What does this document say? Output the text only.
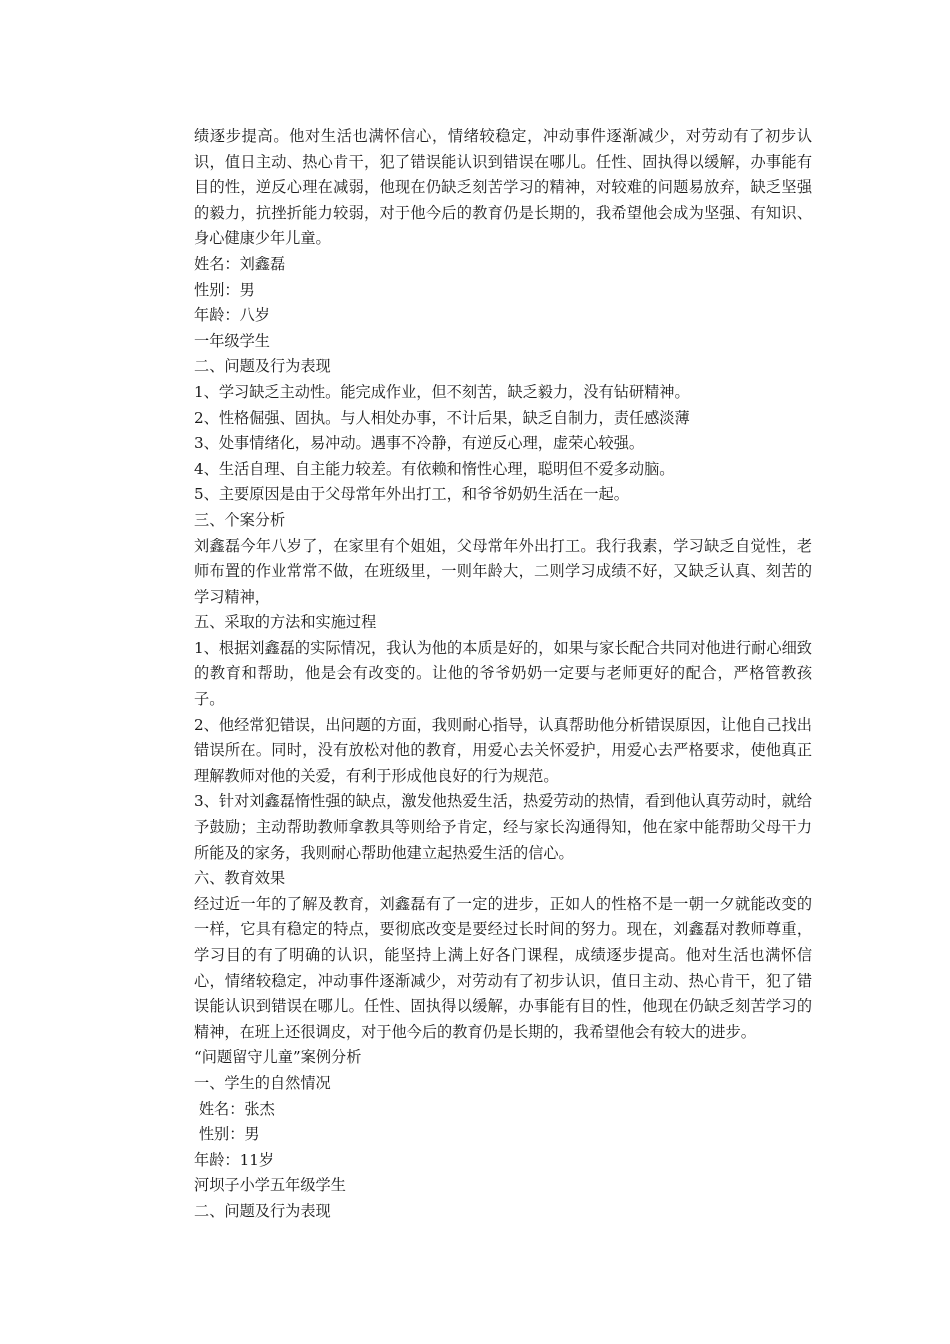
绩逐步提高。他对生活也满怀信心，情绪较稳定，冲动事件逐渐减少，对劳动有了初步认识，值日主动、热心肯干，犯了错误能认识到错误在哪儿。任性、固执得以缓解，办事能有目的性，逆反心理在减弱，他现在仍缺乏刻苦学习的精神，对较难的问题易放弃，缺乏坚强的毅力，抗挫折能力较弱，对于他今后的教育仍是长期的，我希望他会成为坚强、有知识、身心健康少年儿童。

姓名：刘鑫磊

性别：男

年龄：八岁

一年级学生

二、问题及行为表现

1、学习缺乏主动性。能完成作业，但不刻苦，缺乏毅力，没有钻研精神。

2、性格倔强、固执。与人相处办事，不计后果，缺乏自制力，责任感淡薄

3、处事情绪化，易冲动。遇事不冷静，有逆反心理，虚荣心较强。

4、生活自理、自主能力较差。有依赖和惰性心理，聪明但不爱多动脑。

5、主要原因是由于父母常年外出打工，和爷爷奶奶生活在一起。

三、个案分析

刘鑫磊今年八岁了，在家里有个姐姐，父母常年外出打工。我行我素，学习缺乏自觉性，老师布置的作业常常不做，在班级里，一则年龄大，二则学习成绩不好，又缺乏认真、刻苦的学习精神，

五、采取的方法和实施过程

1、根据刘鑫磊的实际情况，我认为他的本质是好的，如果与家长配合共同对他进行耐心细致的教育和帮助，他是会有改变的。让他的爷爷奶奶一定要与老师更好的配合，严格管教孩子。

2、他经常犯错误，出问题的方面，我则耐心指导，认真帮助他分析错误原因，让他自己找出错误所在。同时，没有放松对他的教育，用爱心去关怀爱护，用爱心去严格要求，使他真正理解教师对他的关爱，有利于形成他良好的行为规范。

3、针对刘鑫磊惰性强的缺点，激发他热爱生活，热爱劳动的热情，看到他认真劳动时，就给予鼓励；主动帮助教师拿教具等则给予肯定，经与家长沟通得知，他在家中能帮助父母干力所能及的家务，我则耐心帮助他建立起热爱生活的信心。

六、教育效果

经过近一年的了解及教育，刘鑫磊有了一定的进步，正如人的性格不是一朝一夕就能改变的一样，它具有稳定的特点，要彻底改变是要经过长时间的努力。现在，刘鑫磊对教师尊重，学习目的有了明确的认识，能坚持上满上好各门课程，成绩逐步提高。他对生活也满怀信心，情绪较稳定，冲动事件逐渐减少，对劳动有了初步认识，值日主动、热心肯干，犯了错误能认识到错误在哪儿。任性、固执得以缓解，办事能有目的性，他现在仍缺乏刻苦学习的精神，在班上还很调皮，对于他今后的教育仍是长期的，我希望他会有较大的进步。

“问题留守儿童”案例分析

一、学生的自然情况

姓名：张杰

性别：男

年龄：11岁

河坝子小学五年级学生

二、问题及行为表现
